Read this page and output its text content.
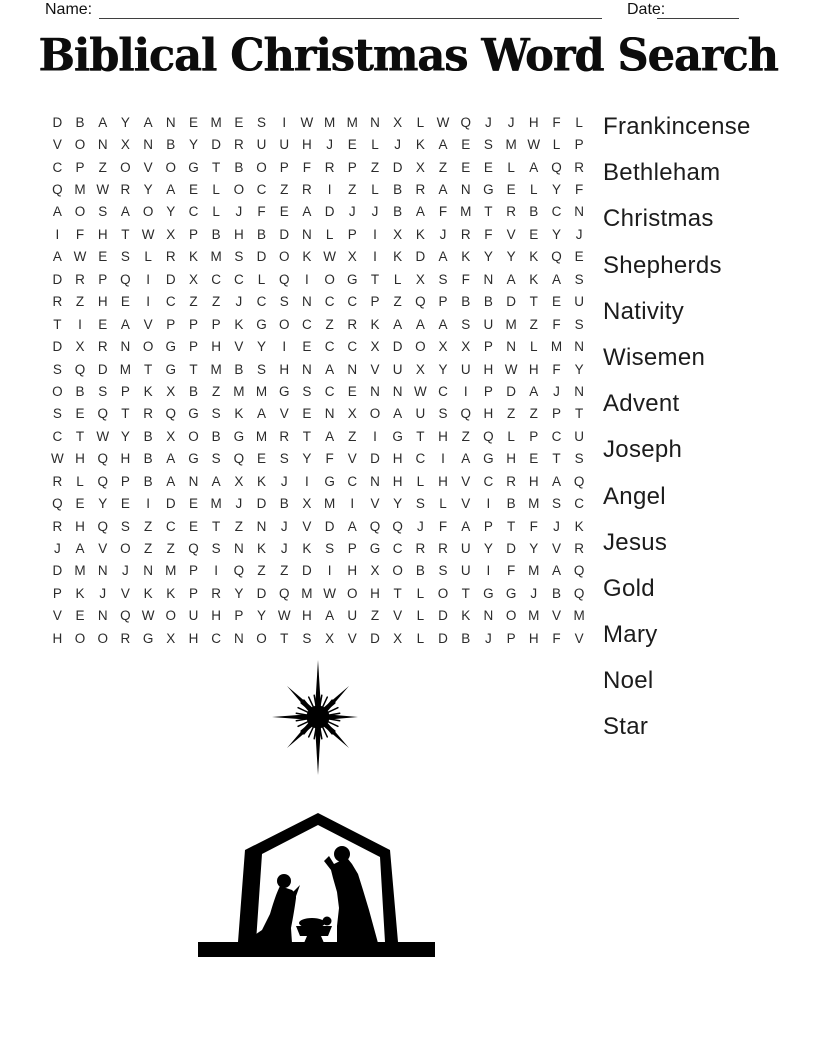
Name:	Date:
Biblical Christmas Word Search
D B	A	Y	A N E M E	S	I	W M M N X	L W Q	J	J	H	F	L
V O N X N B	Y D R U U H	J	E	L	J	K	A	E	S M W L	P
C P	Z O V O G T	B O P	F	R P	Z	D X	Z	E	E	L	A Q R
Q M W R Y	A	E	L	O C	Z	R	I	Z	L	B R A N G E	L	Y	F
A O S	A O Y C	L	J	F	E	A D	J	J	B	A	F M T	R B C N
I	F	H	T W X	P	B H B D N	L	P	I	X	K	J	R	F	V	E	Y	J
A W E	S	L	R K M S D O K W X	I	K D A	K	Y	Y	K Q E
D R P Q	I	D X C C	L	Q	I	O G T	L	X	S	F	N A	K	A	S
R	Z	H E	I	C	Z	Z	J	C S N C C P	Z Q P	B	B D	T	E U
T	I	E	A	V	P	P	P	K G O C	Z	R K	A	A	A	S U M Z	F	S
D X R N O G P H V	Y	I	E C C X D O X	X	P N	L M N
S Q D M T G T M B	S H N A N V U X	Y U H W H	F	Y
O B	S	P	K	X	B	Z M M G S C E N N W C	I	P D A	J	N
S	E Q T	R Q G S	K	A	V	E N X O A U S Q H	Z	Z	P	T
C	T W Y	B	X O B G M R	T	A	Z	I	G T	H	Z Q	L	P C U
W H Q H B	A G S Q E	S	Y	F	V D H C	I	A G H E	T	S
R	L	Q P	B	A N A	X	K	J	I	G C N H	L	H V C R H A Q
Q E	Y	E	I	D E M	J	D B	X M	I	V	Y	S	L	V	I	B M S C
R H Q S	Z	C E	T	Z	N	J	V D A Q Q	J	F	A	P	T	F	J	K
J	A	V O Z	Z Q S N K	J	K	S	P G C R R U Y D Y	V R
D M N	J	N M P	I	Q Z	Z	D	I	H X O B	S U	I	F M A Q
P	K	J	V	K	K	P R Y D Q M W O H	T	L	O T G G	J	B Q
V	E N Q W O U H P	Y W H A U	Z	V	L	D K N O M V M
H O O R G X H C N O T	S	X	V D X	L	D B	J	P H	F	V
Frankincense
Bethleham
Christmas
Shepherds
Nativity
Wisemen
Advent
Joseph
Angel
Jesus
Gold
Mary
Noel
Star
